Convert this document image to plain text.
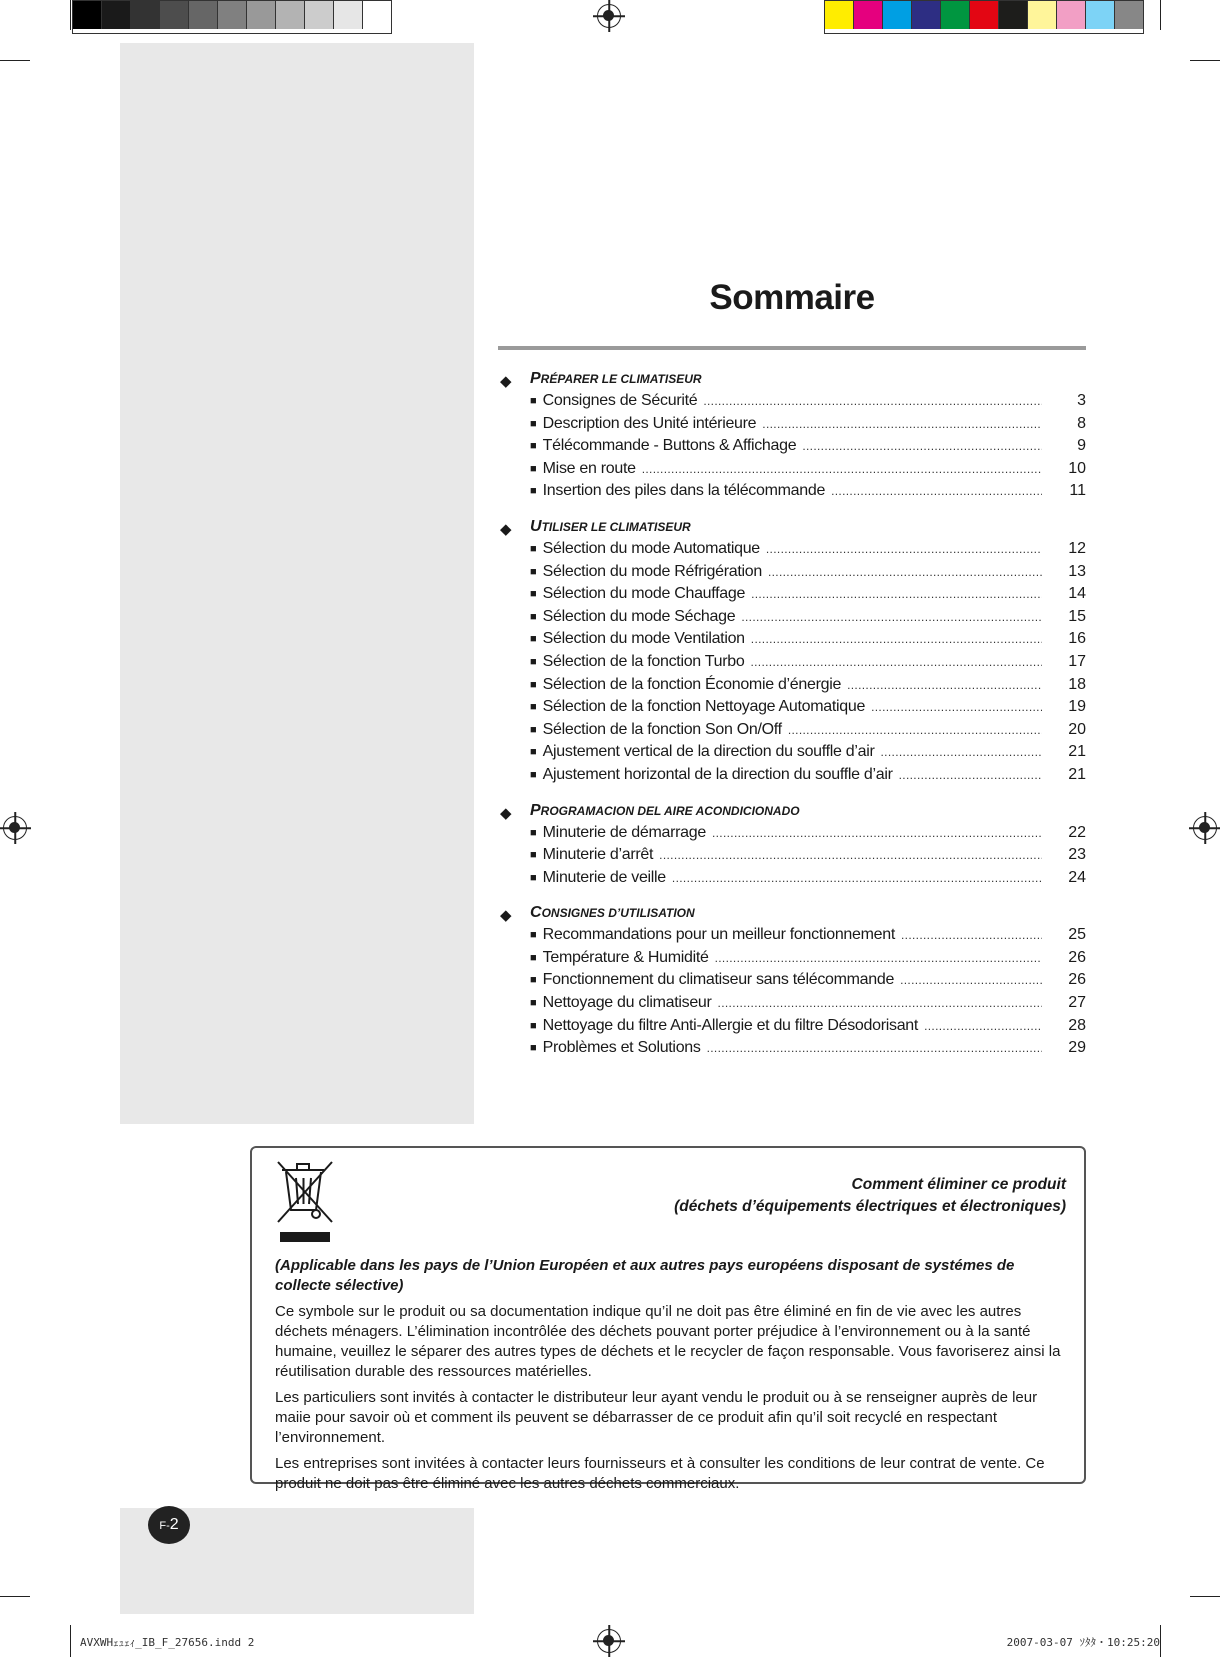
Sommaire
◆ PRÉPARER LE CLIMATISEUR
■ Consignes de Sécurité . . .	3
■ Description des Unité intérieure . . .	8
■ Télécommande - Buttons & Affichage . . .	9
■ Mise en route . . .	10
■ Insertion des piles dans la télécommande . . .	11
◆ UTILISER LE CLIMATISEUR
■ Sélection du mode Automatique . . .	12
■ Sélection du mode Réfrigération . . .	13
■ Sélection du mode Chauffage . . .	14
■ Sélection du mode Séchage . . .	15
■ Sélection du mode Ventilation . . .	16
■ Sélection de la fonction Turbo . . .	17
■ Sélection de la fonction Économie d’énergie . . .	18
■ Sélection de la fonction Nettoyage Automatique . . .	19
■ Sélection de la fonction Son On/Off . . .	20
■ Ajustement vertical de la direction du souffle d’air . . .	21
■ Ajustement horizontal de la direction du souffle d’air . . .	21
◆ PROGRAMACION DEL AIRE ACONDICIONADO
■ Minuterie de démarrage . . .	22
■ Minuterie d’arrêt . . .	23
■ Minuterie de veille . . .	24
◆ CONSIGNES D’UTILISATION
■ Recommandations pour un meilleur fonctionnement . . .	25
■ Température & Humidité . . .	26
■ Fonctionnement du climatiseur sans télécommande . . .	26
■ Nettoyage du climatiseur . . .	27
■ Nettoyage du filtre Anti-Allergie et du filtre Désodorisant . . .	28
■ Problèmes et Solutions . . .	29
Comment éliminer ce produit
(déchets d’équipements électriques et électroniques)

(Applicable dans les pays de l’Union Européen et aux autres pays européens disposant de systémes de collecte sélective)

Ce symbole sur le produit ou sa documentation indique qu’il ne doit pas être éliminé en fin de vie avec les autres déchets ménagers. L’élimination incontrôlée des déchets pouvant porter préjudice à l’environnement ou à la santé humaine, veuillez le séparer des autres types de déchets et le recycler de façon responsable. Vous favoriserez ainsi la réutilisation durable des ressources matérielles.

Les particuliers sont invités à contacter le distributeur leur ayant vendu le produit ou à se renseigner auprès de leur maiie pour savoir où et comment ils peuvent se débarrasser de ce produit afin qu’il soit recyclé en respectant l’environnement.

Les entreprises sont invitées à contacter leurs fournisseurs et à consulter les conditions de leur contrat de vente. Ce produit ne doit pas être éliminé avec les autres déchets commerciaux.

F-2
AVXWHｪｭｪｨ_IB_F_27656.indd 2	2007-03-07 ｿﾀﾀ・10:25:20
